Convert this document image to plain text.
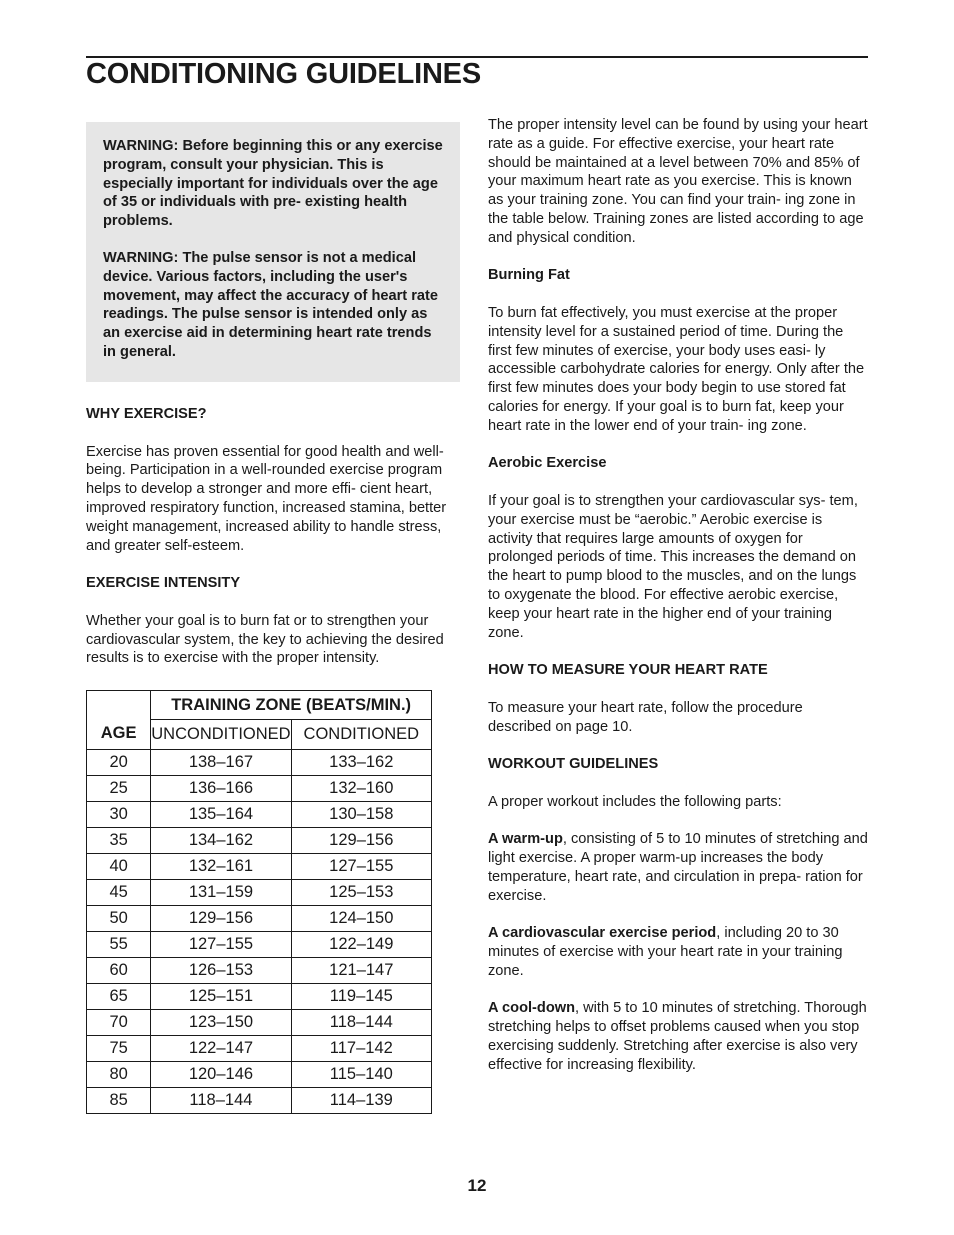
CONDITIONING GUIDELINES

WARNING: Before beginning this or any exercise program, consult your physician. This is especially important for individuals over the age of 35 or individuals with pre- existing health problems.

WARNING: The pulse sensor is not a medical device. Various factors, including the user's movement, may affect the accuracy of heart rate readings. The pulse sensor is intended only as an exercise aid in determining heart rate trends in general.

WHY EXERCISE?

Exercise has proven essential for good health and well-being. Participation in a well-rounded exercise program helps to develop a stronger and more effi- cient heart, improved respiratory function, increased stamina, better weight management, increased ability to handle stress, and greater self-esteem.

EXERCISE INTENSITY

Whether your goal is to burn fat or to strengthen your cardiovascular system, the key to achieving the desired results is to exercise with the proper intensity.

AGE	TRAINING ZONE (BEATS/MIN.)	
	UNCONDITIONED	CONDITIONED
20	138–167	133–162
25	136–166	132–160
30	135–164	130–158
35	134–162	129–156
40	132–161	127–155
45	131–159	125–153
50	129–156	124–150
55	127–155	122–149
60	126–153	121–147
65	125–151	119–145
70	123–150	118–144
75	122–147	117–142
80	120–146	115–140
85	118–144	114–139

The proper intensity level can be found by using your heart rate as a guide. For effective exercise, your heart rate should be maintained at a level between 70% and 85% of your maximum heart rate as you exercise. This is known as your training zone. You can find your train- ing zone in the table below. Training zones are listed according to age and physical condition.

Burning Fat

To burn fat effectively, you must exercise at the proper intensity level for a sustained period of time. During the first few minutes of exercise, your body uses easi- ly accessible carbohydrate calories for energy. Only after the first few minutes does your body begin to use stored fat calories for energy. If your goal is to burn fat, keep your heart rate in the lower end of your train- ing zone.

Aerobic Exercise

If your goal is to strengthen your cardiovascular sys- tem, your exercise must be “aerobic.” Aerobic exercise is activity that requires large amounts of oxygen for prolonged periods of time. This increases the demand on the heart to pump blood to the muscles, and on the lungs to oxygenate the blood. For effective aerobic exercise, keep your heart rate in the higher end of your training zone.

HOW TO MEASURE YOUR HEART RATE

To measure your heart rate, follow the procedure described on page 10.

WORKOUT GUIDELINES

A proper workout includes the following parts:

A warm-up, consisting of 5 to 10 minutes of stretching and light exercise. A proper warm-up increases the body temperature, heart rate, and circulation in prepa- ration for exercise.

A cardiovascular exercise period, including 20 to 30 minutes of exercise with your heart rate in your training zone.

A cool-down, with 5 to 10 minutes of stretching. Thorough stretching helps to offset problems caused when you stop exercising suddenly. Stretching after exercise is also very effective for increasing flexibility.

12
